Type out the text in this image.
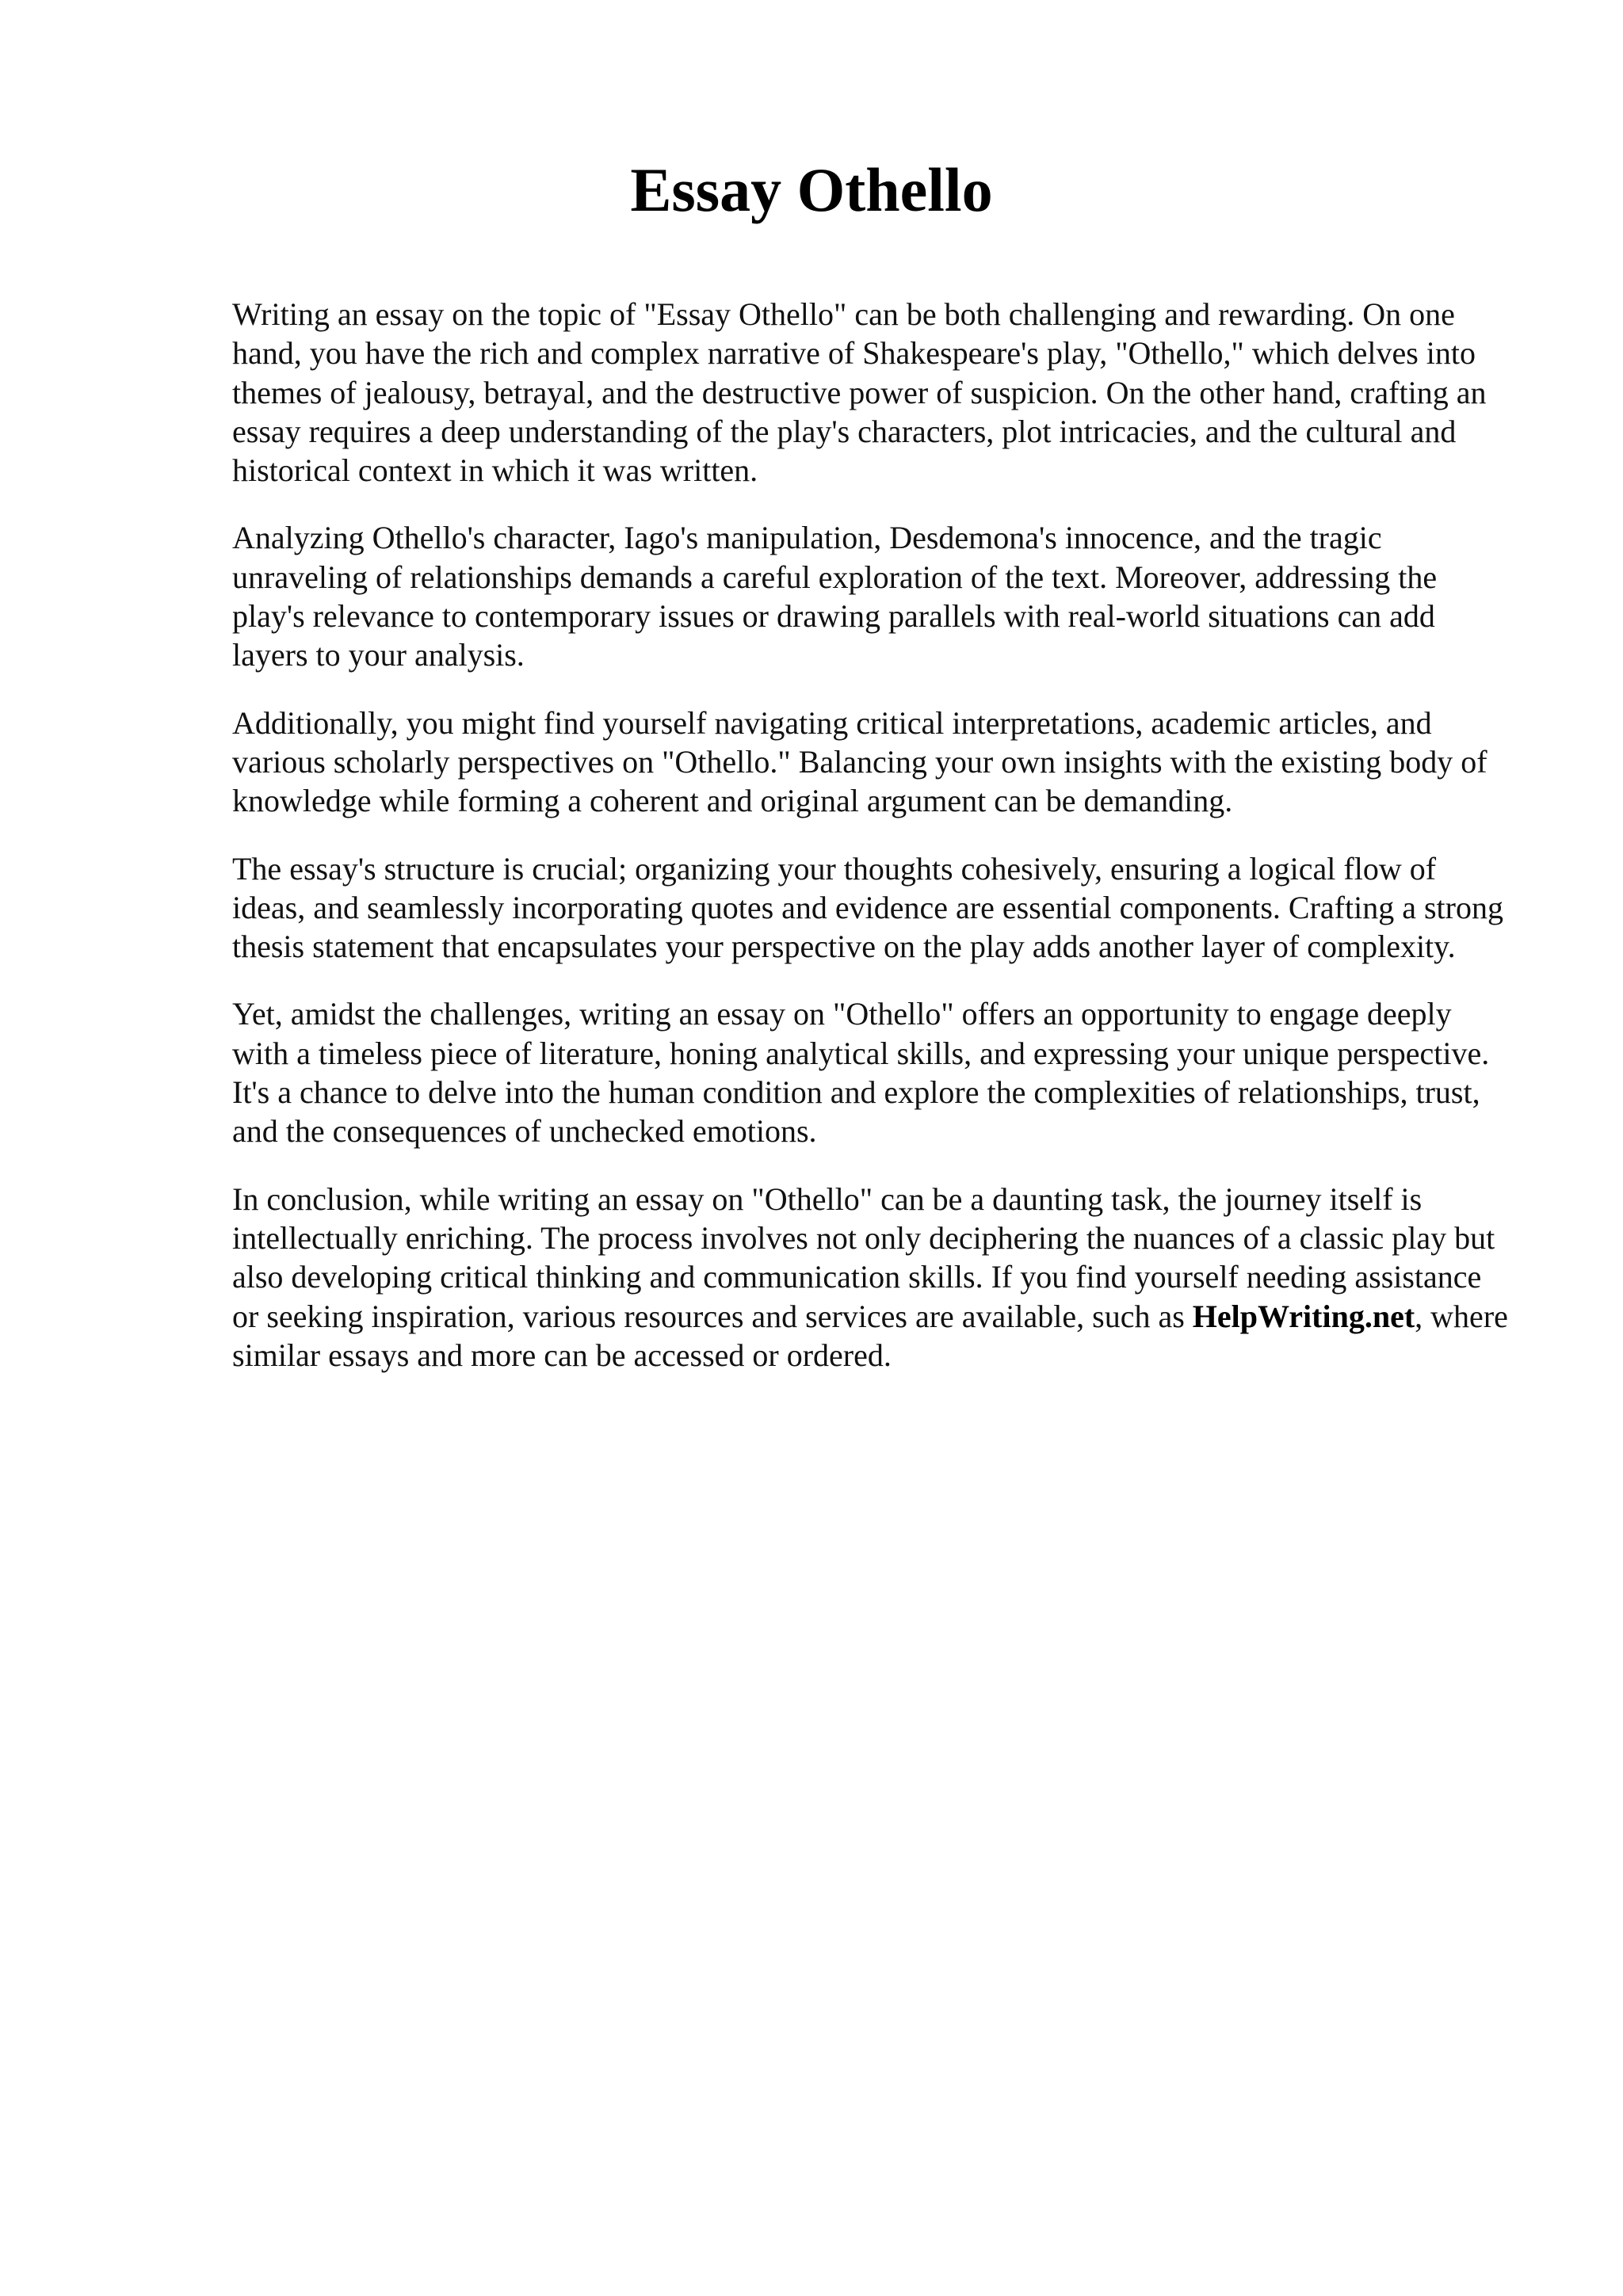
Essay Othello

Writing an essay on the topic of "Essay Othello" can be both challenging and rewarding. On one hand, you have the rich and complex narrative of Shakespeare's play, "Othello," which delves into themes of jealousy, betrayal, and the destructive power of suspicion. On the other hand, crafting an essay requires a deep understanding of the play's characters, plot intricacies, and the cultural and historical context in which it was written.

Analyzing Othello's character, Iago's manipulation, Desdemona's innocence, and the tragic unraveling of relationships demands a careful exploration of the text. Moreover, addressing the play's relevance to contemporary issues or drawing parallels with real-world situations can add layers to your analysis.

Additionally, you might find yourself navigating critical interpretations, academic articles, and various scholarly perspectives on "Othello." Balancing your own insights with the existing body of knowledge while forming a coherent and original argument can be demanding.

The essay's structure is crucial; organizing your thoughts cohesively, ensuring a logical flow of ideas, and seamlessly incorporating quotes and evidence are essential components. Crafting a strong thesis statement that encapsulates your perspective on the play adds another layer of complexity.

Yet, amidst the challenges, writing an essay on "Othello" offers an opportunity to engage deeply with a timeless piece of literature, honing analytical skills, and expressing your unique perspective. It's a chance to delve into the human condition and explore the complexities of relationships, trust, and the consequences of unchecked emotions.

In conclusion, while writing an essay on "Othello" can be a daunting task, the journey itself is intellectually enriching. The process involves not only deciphering the nuances of a classic play but also developing critical thinking and communication skills. If you find yourself needing assistance or seeking inspiration, various resources and services are available, such as HelpWriting.net, where similar essays and more can be accessed or ordered.
